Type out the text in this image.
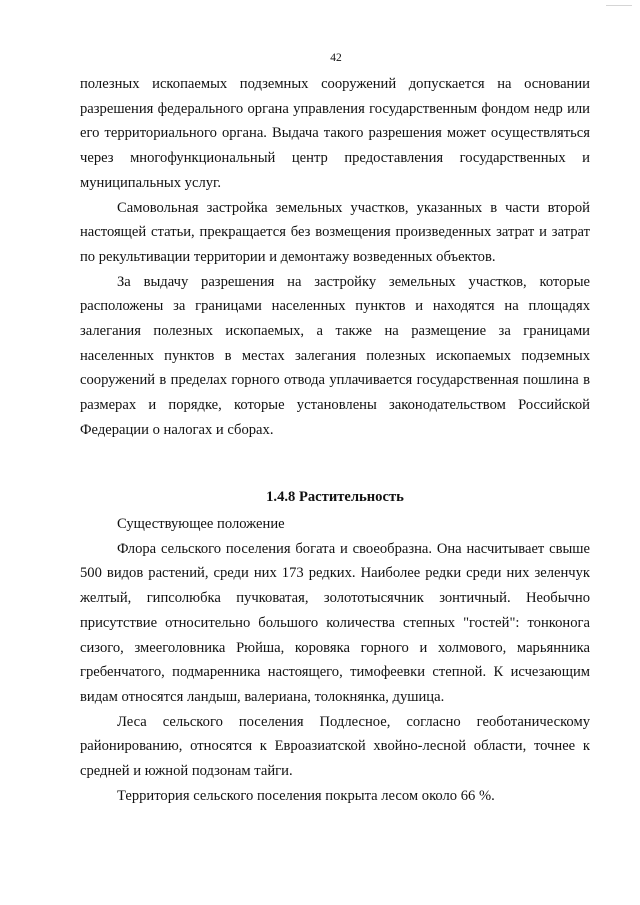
42

полезных ископаемых подземных сооружений допускается на основании разрешения федерального органа управления государственным фондом недр или его территориального органа. Выдача такого разрешения может осуществляться через многофункциональный центр предоставления государственных и муниципальных услуг.

Самовольная застройка земельных участков, указанных в части второй настоящей статьи, прекращается без возмещения произведенных затрат и затрат по рекультивации территории и демонтажу возведенных объектов.

За выдачу разрешения на застройку земельных участков, которые расположены за границами населенных пунктов и находятся на площадях залегания полезных ископаемых, а также на размещение за границами населенных пунктов в местах залегания полезных ископаемых подземных сооружений в пределах горного отвода уплачивается государственная пошлина в размерах и порядке, которые установлены законодательством Российской Федерации о налогах и сборах.

1.4.8 Растительность

Существующее положение

Флора сельского поселения богата и своеобразна. Она насчитывает свыше 500 видов растений, среди них 173 редких. Наиболее редки среди них зеленчук желтый, гипсолюбка пучковатая, золототысячник зонтичный. Необычно присутствие относительно большого количества степных "гостей": тонконога сизого, змееголовника Рюйша, коровяка горного и холмового, марьянника гребенчатого, подмаренника настоящего, тимофеевки степной. К исчезающим видам относятся ландыш, валериана, толокнянка, душица.

Леса сельского поселения Подлесное, согласно геоботаническому районированию, относятся к Евроазиатской хвойно-лесной области, точнее к средней и южной подзонам тайги.

Территория сельского поселения покрыта лесом около 66 %.
